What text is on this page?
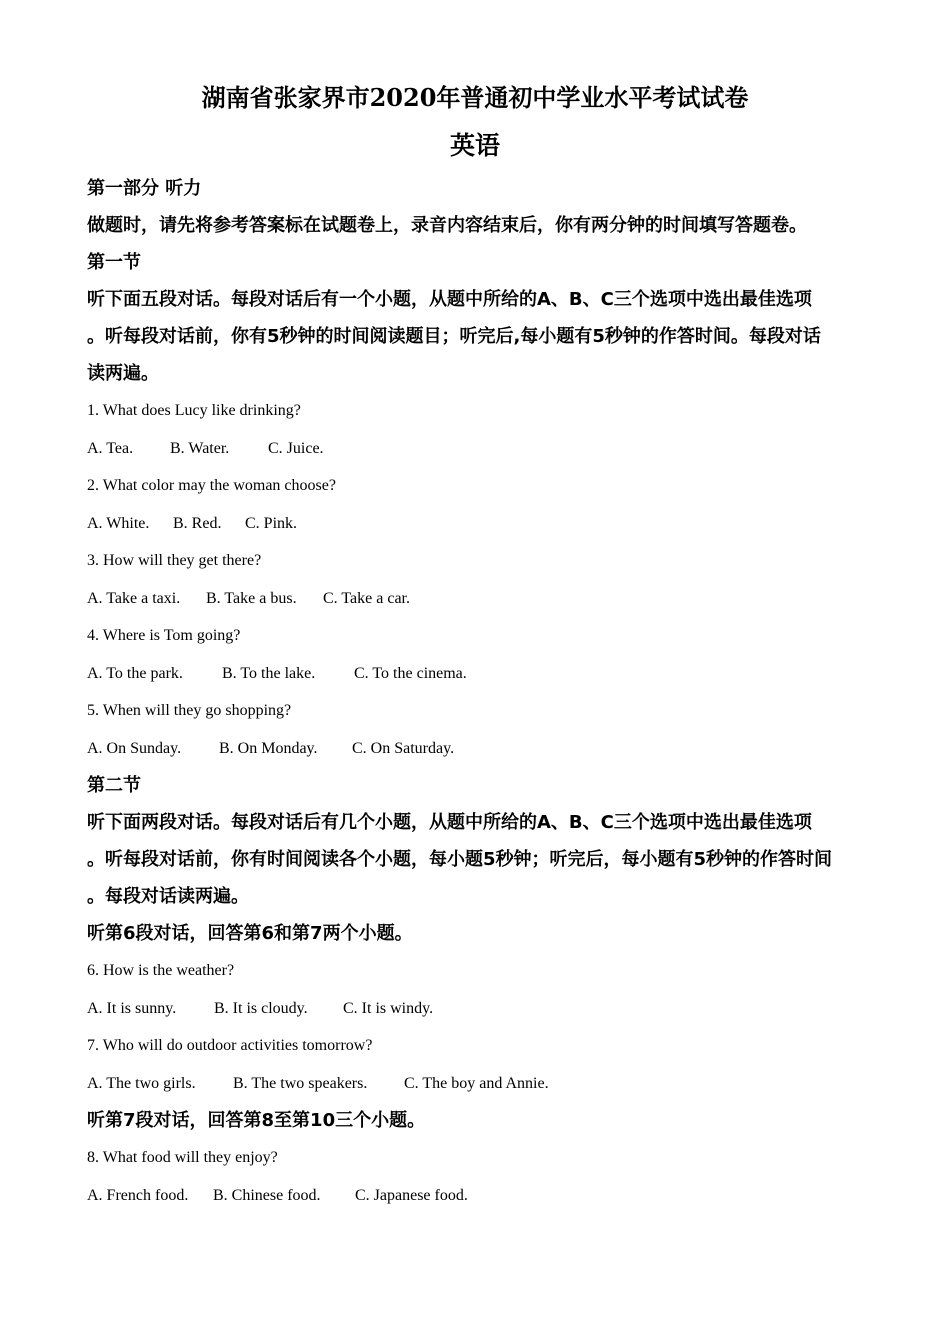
湖南省张家界市2020年普通初中学业水平考试试卷
英语

第一部分 听力

做题时，请先将参考答案标在试题卷上，录音内容结束后，你有两分钟的时间填写答题卷。

第一节

听下面五段对话。每段对话后有一个小题，从题中所给的A、B、C三个选项中选出最佳选项

。听每段对话前，你有5秒钟的时间阅读题目；听完后,每小题有5秒钟的作答时间。每段对话

读两遍。

1. What does Lucy like drinking?

A. Tea.	B. Water.	C. Juice.

2. What color may the woman choose?

A. White.	B. Red.	C. Pink.

3. How will they get there?

A. Take a taxi.	B. Take a bus.	C. Take a car.

4. Where is Tom going?

A. To the park.	B. To the lake.	C. To the cinema.

5. When will they go shopping?

A. On Sunday.	B. On Monday.	C. On Saturday.

第二节

听下面两段对话。每段对话后有几个小题，从题中所给的A、B、C三个选项中选出最佳选项

。听每段对话前，你有时间阅读各个小题，每小题5秒钟；听完后，每小题有5秒钟的作答时间

。每段对话读两遍。

听第6段对话，回答第6和第7两个小题。

6. How is the weather?

A. It is sunny.	B. It is cloudy.	C. It is windy.

7. Who will do outdoor activities tomorrow?

A. The two girls.	B. The two speakers.	C. The boy and Annie.

听第7段对话，回答第8至第10三个小题。

8. What food will they enjoy?

A. French food.	B. Chinese food.	C. Japanese food.
